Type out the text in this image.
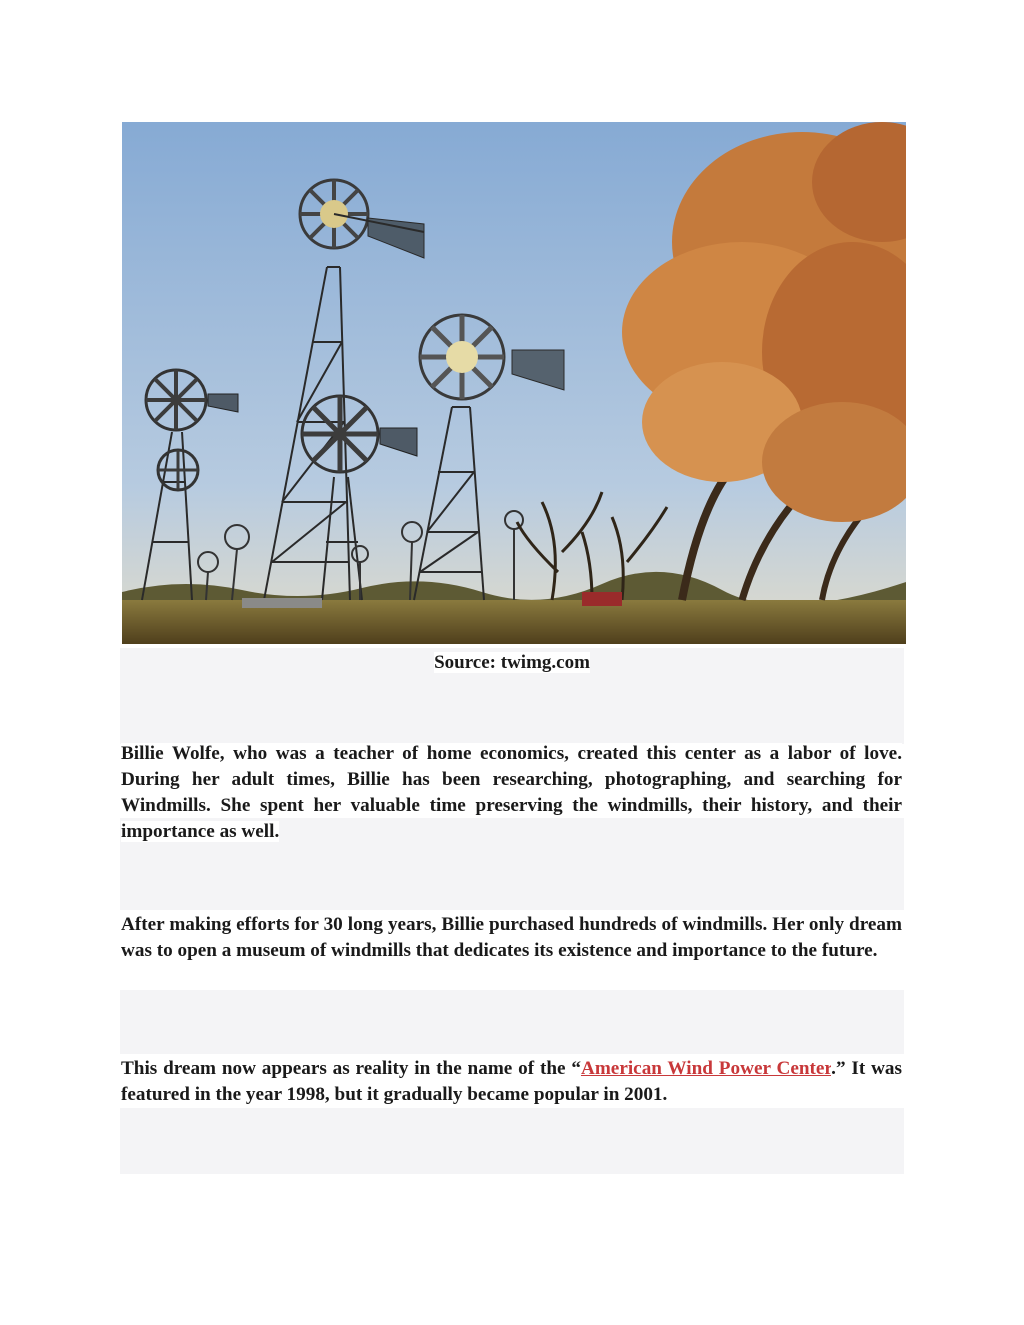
Source: twimg.com

Billie Wolfe, who was a teacher of home economics, created this center as a labor of love. During her adult times, Billie has been researching, photographing, and searching for Windmills. She spent her valuable time preserving the windmills, their history, and their importance as well.

After making efforts for 30 long years, Billie purchased hundreds of windmills. Her only dream was to open a museum of windmills that dedicates its existence and importance to the future.

This dream now appears as reality in the name of the “American Wind Power Center.” It was featured in the year 1998, but it gradually became popular in 2001.
